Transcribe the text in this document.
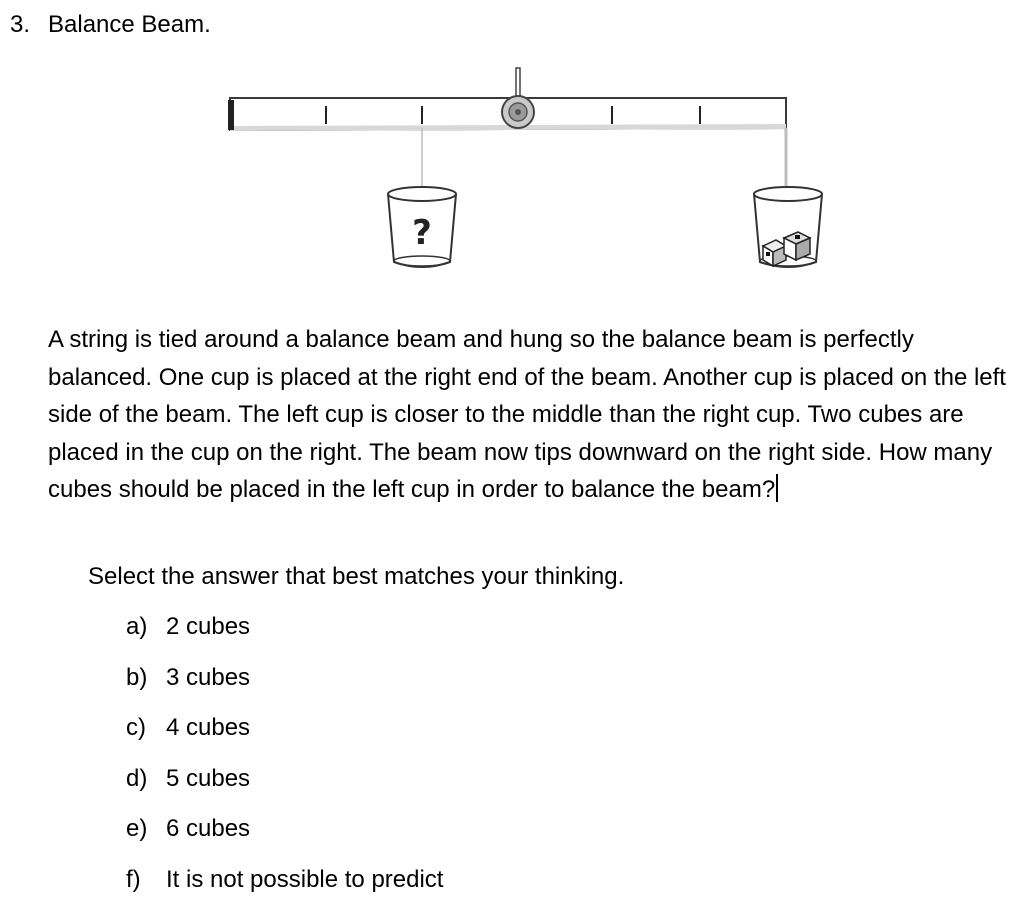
3. Balance Beam.
?
A string is tied around a balance beam and hung so the balance beam is perfectly balanced. One cup is placed at the right end of the beam. Another cup is placed on the left side of the beam. The left cup is closer to the middle than the right cup. Two cubes are placed in the cup on the right. The beam now tips downward on the right side. How many cubes should be placed in the left cup in order to balance the beam?
Select the answer that best matches your thinking.
a) 2 cubes
b) 3 cubes
c) 4 cubes
d) 5 cubes
e) 6 cubes
f) It is not possible to predict
